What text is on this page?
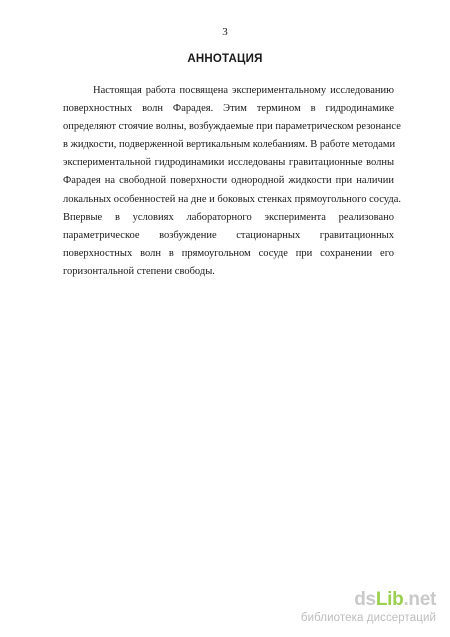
3
АННОТАЦИЯ
Настоящая работа посвящена экспериментальному исследованию
поверхностных волн Фарадея. Этим термином в гидродинамике
определяют стоячие волны, возбуждаемые при параметрическом резонансе
в жидкости, подверженной вертикальным колебаниям. В работе методами
экспериментальной гидродинамики исследованы гравитационные волны
Фарадея на свободной поверхности однородной жидкости при наличии
локальных особенностей на дне и боковых стенках прямоугольного сосуда.
Впервые в условиях лабораторного эксперимента реализовано
параметрическое возбуждение стационарных гравитационных
поверхностных волн в прямоугольном сосуде при сохранении его
горизонтальной степени свободы.
dsLib.net
библиотека диссертаций
